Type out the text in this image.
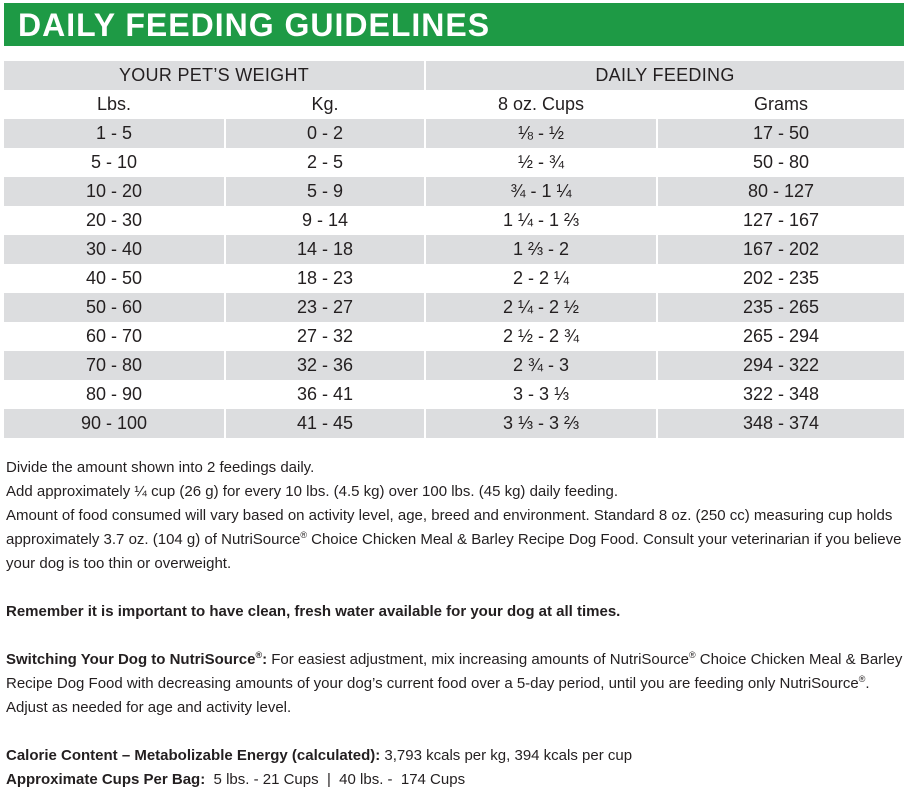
DAILY FEEDING GUIDELINES
YOUR PET’S WEIGHT		DAILY FEEDING	
Lbs.	Kg.	8 oz. Cups	Grams
1 - 5	0 - 2	⅛ - ½	17 - 50
5 - 10	2 - 5	½ - ¾	50 - 80
10 - 20	5 - 9	¾ - 1 ¼	80 - 127
20 - 30	9 - 14	1 ¼ - 1 ⅔	127 - 167
30 - 40	14 - 18	1 ⅔ - 2	167 - 202
40 - 50	18 - 23	2 - 2 ¼	202 - 235
50 - 60	23 - 27	2 ¼ - 2 ½	235 - 265
60 - 70	27 - 32	2 ½ - 2 ¾	265 - 294
70 - 80	32 - 36	2 ¾ - 3	294 - 322
80 - 90	36 - 41	3 - 3 ⅓	322 - 348
90 - 100	41 - 45	3 ⅓ - 3 ⅔	348 - 374

Divide the amount shown into 2 feedings daily.

Add approximately ¼ cup (26 g) for every 10 lbs. (4.5 kg) over 100 lbs. (45 kg) daily feeding.

Amount of food consumed will vary based on activity level, age, breed and environment. Standard 8 oz. (250 cc) measuring cup holds approximately 3.7 oz. (104 g) of NutriSource® Choice Chicken Meal & Barley Recipe Dog Food. Consult your veterinarian if you believe your dog is too thin or overweight.

Remember it is important to have clean, fresh water available for your dog at all times.

Switching Your Dog to NutriSource®: For easiest adjustment, mix increasing amounts of NutriSource® Choice Chicken Meal & Barley Recipe Dog Food with decreasing amounts of your dog’s current food over a 5-day period, until you are feeding only NutriSource®. Adjust as needed for age and activity level.

Calorie Content – Metabolizable Energy (calculated): 3,793 kcals per kg, 394 kcals per cup

Approximate Cups Per Bag:  5 lbs. - 21 Cups  |  40 lbs. -  174 Cups
